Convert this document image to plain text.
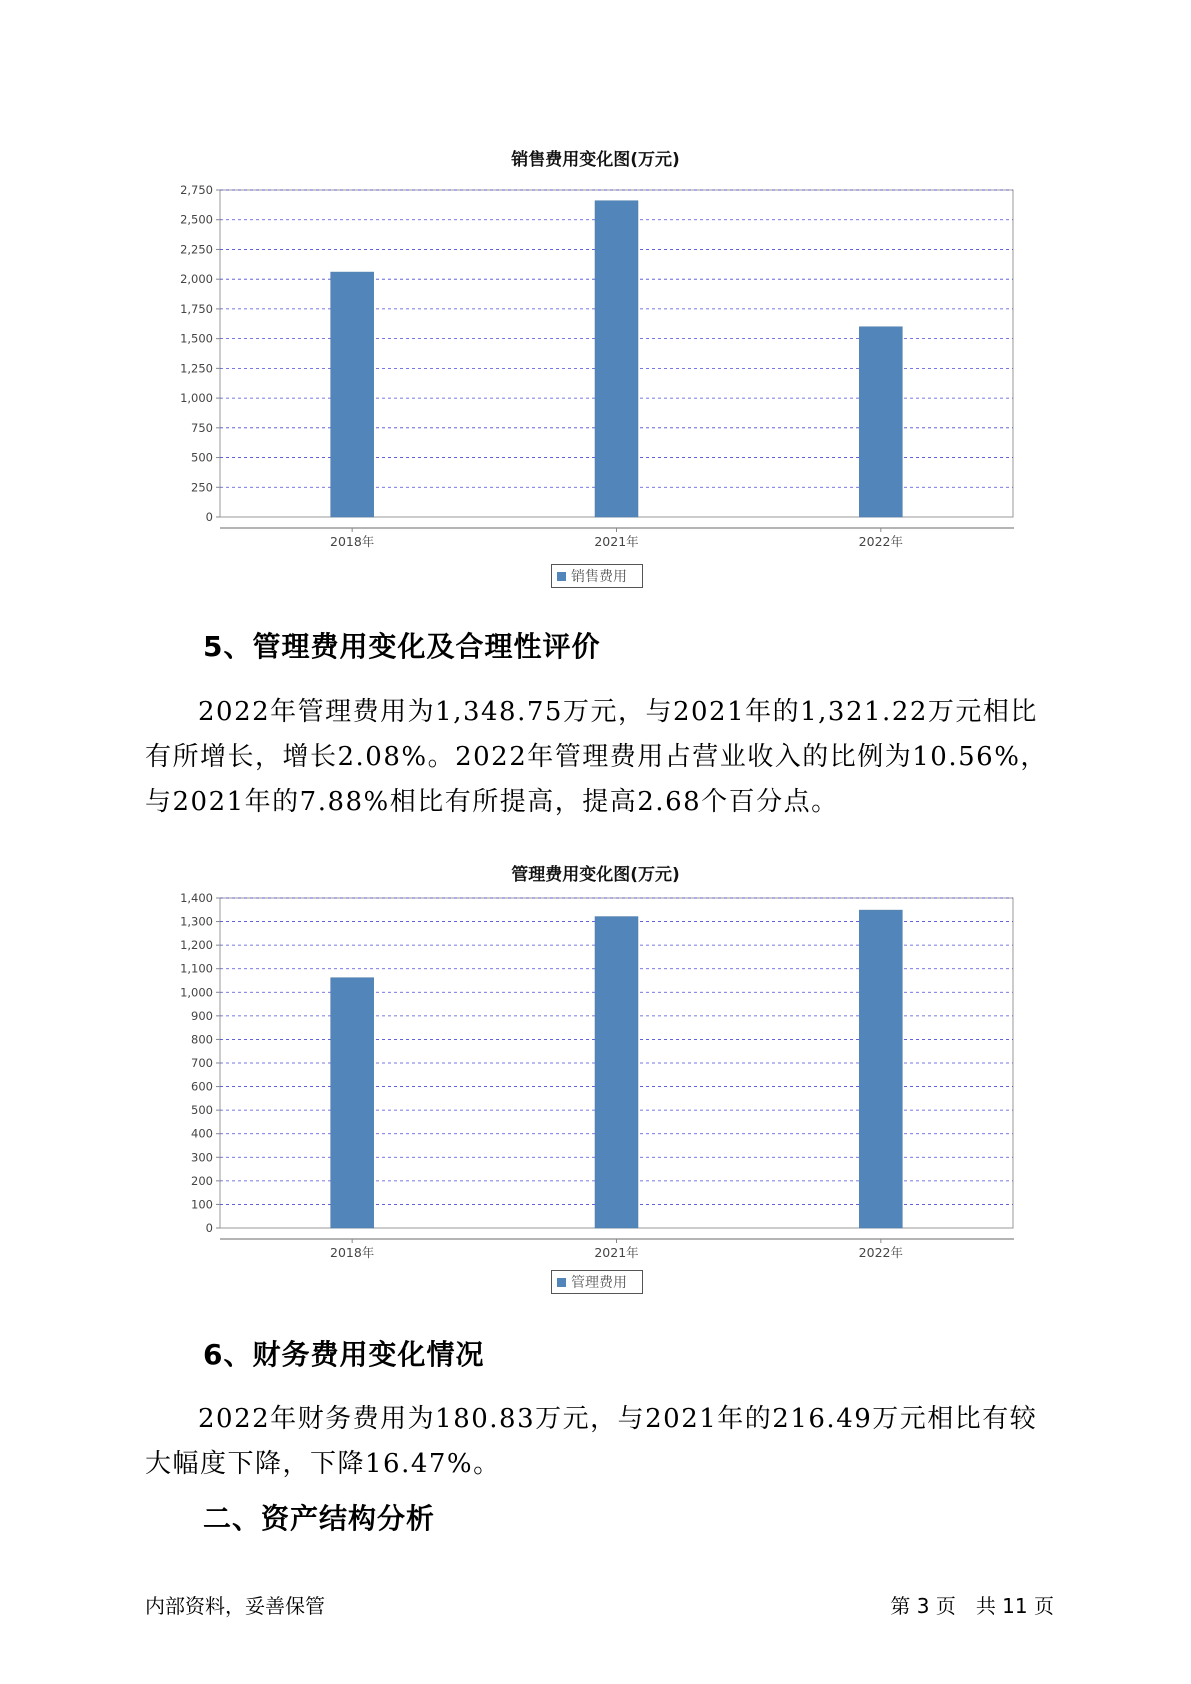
销售费用变化图(万元)
0
250
500
750
1,000
1,250
1,500
1,750
2,000
2,250
2,500
2,750
2018年	2021年	2022年
销售费用
5、管理费用变化及合理性评价

2022年管理费用为1,348.75万元，与2021年的1,321.22万元相比有所增长，增长2.08%。2022年管理费用占营业收入的比例为10.56%，与2021年的7.88%相比有所提高，提高2.68个百分点。

管理费用变化图(万元)
0
100
200
300
400
500
600
700
800
900
1,000
1,100
1,200
1,300
1,400
2018年	2021年	2022年
管理费用
6、财务费用变化情况

2022年财务费用为180.83万元，与2021年的216.49万元相比有较大幅度下降，下降16.47%。

二、资产结构分析
内部资料，妥善保管	第 3 页　共 11 页
